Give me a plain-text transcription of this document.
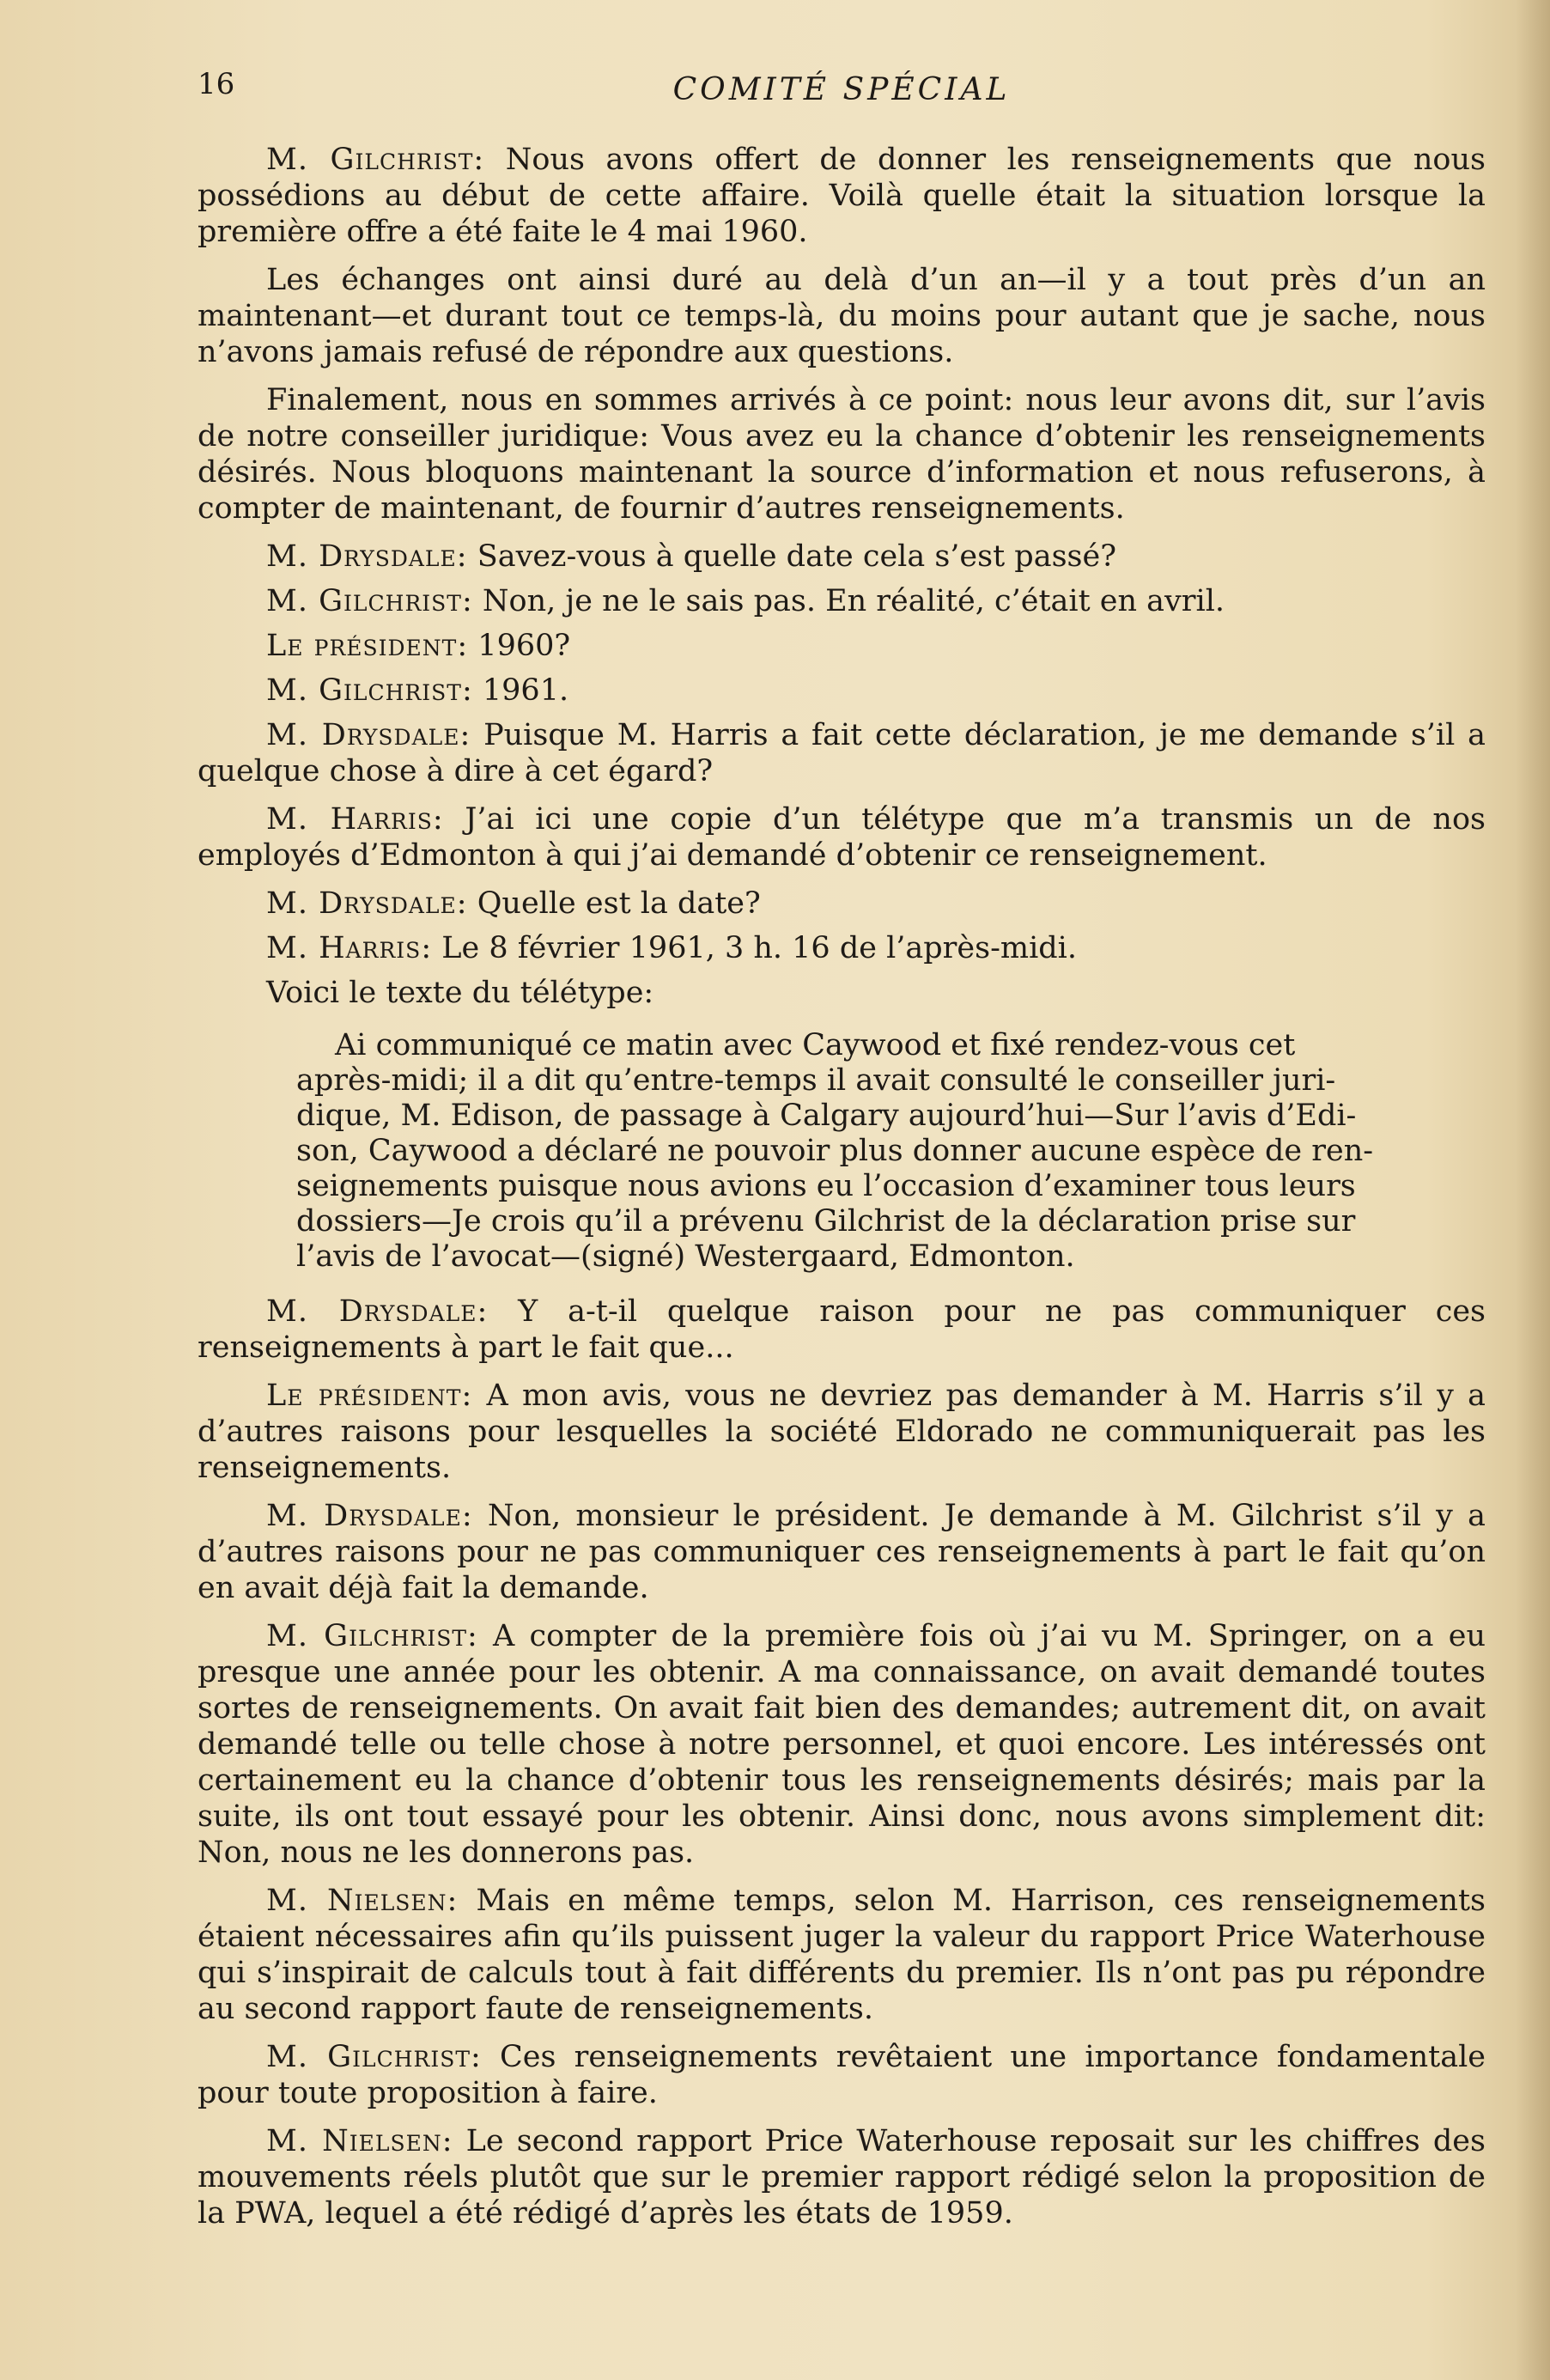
16	COMITÉ SPÉCIAL

M. Gilchrist: Nous avons offert de donner les renseignements que nous possédions au début de cette affaire. Voilà quelle était la situation lorsque la première offre a été faite le 4 mai 1960.

Les échanges ont ainsi duré au delà d’un an—il y a tout près d’un an maintenant—et durant tout ce temps-là, du moins pour autant que je sache, nous n’avons jamais refusé de répondre aux questions.

Finalement, nous en sommes arrivés à ce point: nous leur avons dit, sur l’avis de notre conseiller juridique: Vous avez eu la chance d’obtenir les renseignements désirés. Nous bloquons maintenant la source d’information et nous refuserons, à compter de maintenant, de fournir d’autres renseignements.

M. Drysdale: Savez-vous à quelle date cela s’est passé?

M. Gilchrist: Non, je ne le sais pas. En réalité, c’était en avril.

Le président: 1960?

M. Gilchrist: 1961.

M. Drysdale: Puisque M. Harris a fait cette déclaration, je me demande s’il a quelque chose à dire à cet égard?

M. Harris: J’ai ici une copie d’un télétype que m’a transmis un de nos employés d’Edmonton à qui j’ai demandé d’obtenir ce renseignement.

M. Drysdale: Quelle est la date?

M. Harris: Le 8 février 1961, 3 h. 16 de l’après-midi.

Voici le texte du télétype:

Ai communiqué ce matin avec Caywood et fixé rendez-vous cet
après-midi; il a dit qu’entre-temps il avait consulté le conseiller juri-
dique, M. Edison, de passage à Calgary aujourd’hui—Sur l’avis d’Edi-
son, Caywood a déclaré ne pouvoir plus donner aucune espèce de ren-
seignements puisque nous avions eu l’occasion d’examiner tous leurs
dossiers—Je crois qu’il a prévenu Gilchrist de la déclaration prise sur
l’avis de l’avocat—(signé) Westergaard, Edmonton.

M. Drysdale: Y a-t-il quelque raison pour ne pas communiquer ces renseignements à part le fait que...

Le président: A mon avis, vous ne devriez pas demander à M. Harris s’il y a d’autres raisons pour lesquelles la société Eldorado ne communiquerait pas les renseignements.

M. Drysdale: Non, monsieur le président. Je demande à M. Gilchrist s’il y a d’autres raisons pour ne pas communiquer ces renseignements à part le fait qu’on en avait déjà fait la demande.

M. Gilchrist: A compter de la première fois où j’ai vu M. Springer, on a eu presque une année pour les obtenir. A ma connaissance, on avait demandé toutes sortes de renseignements. On avait fait bien des demandes; autrement dit, on avait demandé telle ou telle chose à notre personnel, et quoi encore. Les intéressés ont certainement eu la chance d’obtenir tous les renseignements désirés; mais par la suite, ils ont tout essayé pour les obtenir. Ainsi donc, nous avons simplement dit: Non, nous ne les donnerons pas.

M. Nielsen: Mais en même temps, selon M. Harrison, ces renseignements étaient nécessaires afin qu’ils puissent juger la valeur du rapport Price Waterhouse qui s’inspirait de calculs tout à fait différents du premier. Ils n’ont pas pu répondre au second rapport faute de renseignements.

M. Gilchrist: Ces renseignements revêtaient une importance fondamentale pour toute proposition à faire.

M. Nielsen: Le second rapport Price Waterhouse reposait sur les chiffres des mouvements réels plutôt que sur le premier rapport rédigé selon la proposition de la PWA, lequel a été rédigé d’après les états de 1959.
